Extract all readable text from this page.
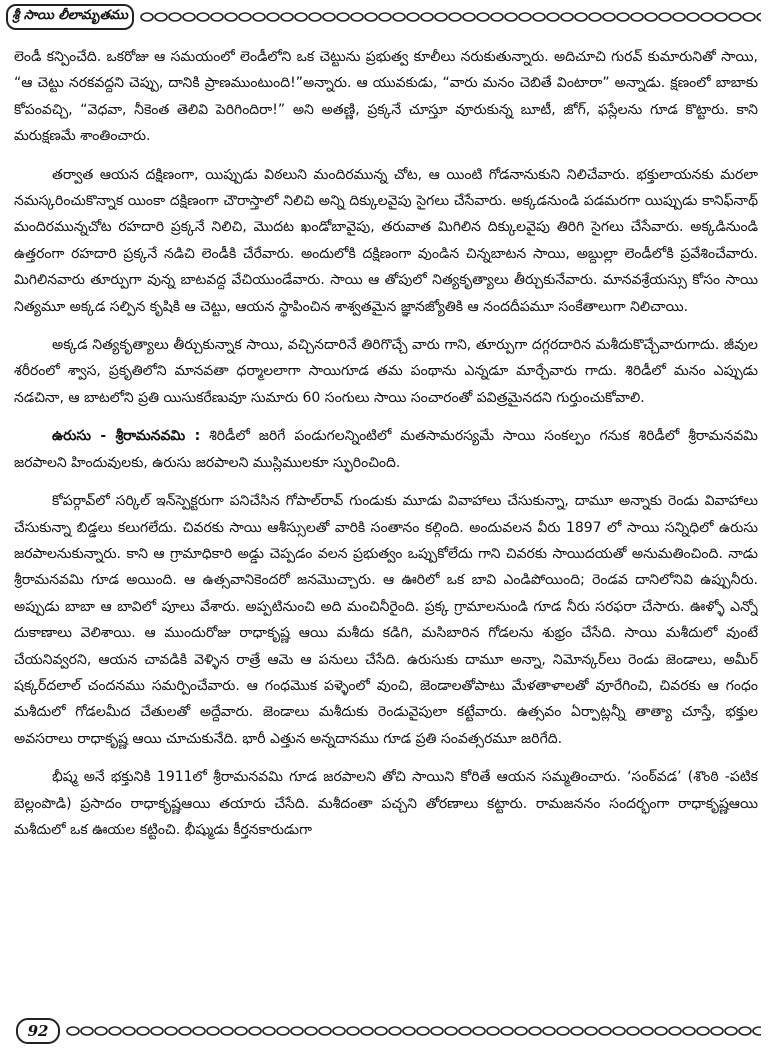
శ్రీ సాయి లీలామృతము

లెండీ కన్పించేది. ఒకరోజు ఆ సమయంలో లెండీలోని ఒక చెట్టును ప్రభుత్వ కూలీలు నరుకుతున్నారు. అదిచూచి గురవ్ కుమారునితో సాయి, “ఆ చెట్టు నరకవద్దని చెప్పు, దానికి ప్రాణముంటుంది!”అన్నారు. ఆ యువకుడు, “వారు మనం చెబితే వింటారా” అన్నాడు. క్షణంలో బాబాకు కోపంవచ్చి, “వెధవా, నీకెంత తెలివి పెరిగిందిరా!” అని అతణ్ణి, ప్రక్కనే చూస్తూ వూరుకున్న బూటీ, జోగ్, ఫస్లేలను గూడ కొట్టారు. కాని మరుక్షణమే శాంతించారు.

తర్వాత ఆయన దక్షిణంగా, యిప్పుడు విఠలుని మందిరమున్న చోట, ఆ యింటి గోడనానుకుని నిలిచేవారు. భక్తులాయనకు మరలా నమస్కరించుకొన్నాక యింకా దక్షిణంగా చౌరాస్తాలో నిలిచి అన్ని దిక్కులవైపు సైగలు చేసేవారు. అక్కడనుండి పడమరగా యిప్పుడు కానిఫ్‌నాథ్ మందిరమున్నచోట రహదారి ప్రక్కనే నిలిచి, మొదట ఖండోబావైపు, తరువాత మిగిలిన దిక్కులవైపు తిరిగి సైగలు చేసేవారు. అక్కడినుండి ఉత్తరంగా రహదారి ప్రక్కనే నడిచి లెండీకి చేరేవారు. అందులోకి దక్షిణంగా వుండిన చిన్నబాటన సాయి, అబ్దుల్లా లెండీలోకి ప్రవేశించేవారు. మిగిలినవారు తూర్పుగా వున్న బాటవద్ద వేచియుండేవారు. సాయి ఆ తోపులో నిత్యకృత్యాలు తీర్చుకునేవారు. మానవశ్రేయస్సు కోసం సాయి నిత్యమూ అక్కడ సల్పిన కృషికి ఆ చెట్టు, ఆయన స్థాపించిన శాశ్వతమైన జ్ఞానజ్యోతికి ఆ నందదీపమూ సంకేతాలుగా నిలిచాయి.

అక్కడ నిత్యకృత్యాలు తీర్చుకున్నాక సాయి, వచ్చినదారినే తిరిగొచ్చే వారు గాని, తూర్పుగా దగ్గరదారిన మశీదుకొచ్చేవారుగాదు. జీవుల శరీరంలో శ్వాస, ప్రకృతిలోని మానవతా ధర్మాలలాగా సాయిగూడ తమ పంథాను ఎన్నడూ మార్చేవారు గాదు. శిరిడీలో మనం ఎప్పుడు నడచినా, ఆ బాటలోని ప్రతి యిసుకరేణువూ సుమారు 60 సంగులు సాయి సంచారంతో పవిత్రమైనదని గుర్తుంచుకోవాలి.

ఉరుసు - శ్రీరామనవమి : శిరిడీలో జరిగే పండుగలన్నింటిలో మతసామరస్యమే సాయి సంకల్పం గనుక శిరిడీలో శ్రీరామనవమి జరపాలని హిందువులకు, ఉరుసు జరపాలని ముస్లిములకూ స్ఫురించింది.

కోపర్గావ్‌లో సర్కిల్ ఇన్‌స్పెక్టరుగా పనిచేసిన గోపాల్‌రావ్ గుండుకు మూడు వివాహాలు చేసుకున్నా, దామూ అన్నాకు రెండు వివాహాలు చేసుకున్నా బిడ్డలు కలుగలేదు. చివరకు సాయి ఆశీస్సులతో వారికి సంతానం కల్గింది. అందువలన వీరు 1897 లో సాయి సన్నిధిలో ఉరుసు జరపాలనుకున్నారు. కాని ఆ గ్రామాధికారి అడ్డు చెప్పడం వలన ప్రభుత్వం ఒప్పుకోలేదు గాని చివరకు సాయిదయతో అనుమతించింది. నాడు శ్రీరామనవమి గూడ అయింది. ఆ ఉత్సవానికెందరో జనమొచ్చారు. ఆ ఊరిలో ఒక బావి ఎండిపోయింది; రెండవ దానిలోనివి ఉప్పునీరు. అప్పుడు బాబా ఆ బావిలో పూలు వేశారు. అప్పటినుంచి అది మంచినీరైంది. ప్రక్క గ్రామాలనుండి గూడ నీరు సరఫరా చేసారు. ఊళ్ళో ఎన్నో దుకాణాలు వెలిశాయి. ఆ ముందురోజు రాధాకృష్ణ ఆయి మశీదు కడిగి, మసిబారిన గోడలను శుభ్రం చేసేది. సాయి మశీదులో వుంటే చేయనివ్వరని, ఆయన చావడికి వెళ్ళిన రాత్రే ఆమె ఆ పనులు చేసేది. ఉరుసుకు దామూ అన్నా, నిమోన్కర్‌లు రెండు జెండాలు, అమీర్ షక్కర్‌దలాల్ చందనము సమర్పించేవారు. ఆ గంధమొక పళ్ళెంలో వుంచి, జెండాలతోపాటు మేళతాళాలతో వూరేగించి, చివరకు ఆ గంధం మశీదులో గోడలమీద చేతులతో అద్దేవారు. జెండాలు మశీదుకు రెండువైపులా కట్టేవారు. ఉత్సవం ఏర్పాట్లన్నీ తాత్యా చూస్తే, భక్తుల అవసరాలు రాధాకృష్ణ ఆయి చూచుకునేది. భారీ ఎత్తున అన్నదానము గూడ ప్రతి సంవత్సరమూ జరిగేది.

భీష్మ అనే భక్తునికి 1911లో శ్రీరామనవమి గూడ జరపాలని తోచి సాయిని కోరితే ఆయన సమ్మతించారు. ‘సంఠ్‌వడ’ (శొంఠి -పటిక బెల్లంపొడి) ప్రసాదం రాధాకృష్ణఆయి తయారు చేసేది. మశీదంతా పచ్చని తోరణాలు కట్టారు. రామజననం సందర్భంగా రాధాకృష్ణఆయి మశీదులో ఒక ఊయల కట్టించి. భీష్ముడు కీర్తనకారుడుగా

92
